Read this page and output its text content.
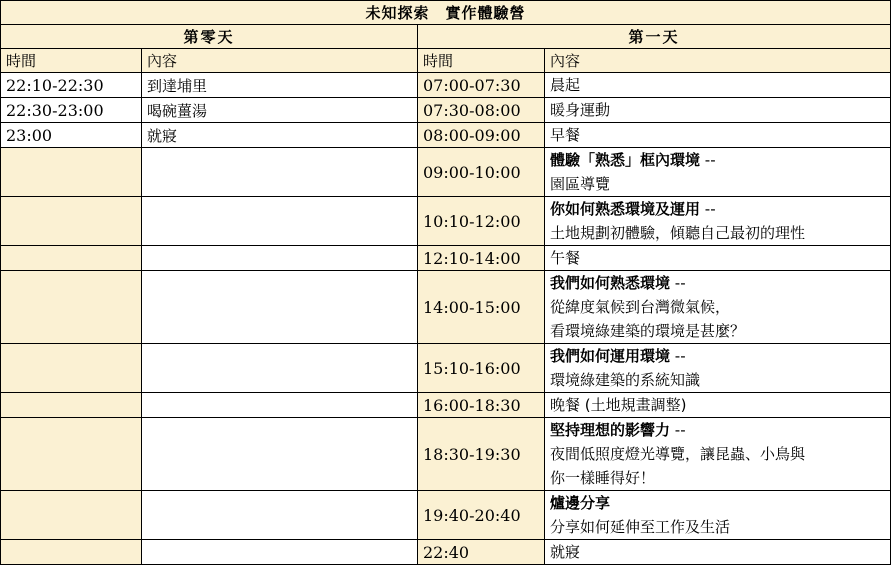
未知探索　實作體驗營			
第零天		第一天	
時間	內容	時間	內容
22:10-22:30	到達埔里	07:00-07:30	晨起

22:30-23:00	喝碗薑湯	07:30-08:00	暖身運動

23:00	就寢	08:00-09:00	早餐

		09:00-10:00	體驗「熟悉」框內環境 --
園區導覽

		10:10-12:00	你如何熟悉環境及運用 --
土地規劃初體驗，傾聽自己最初的理性

		12:10-14:00	午餐

		14:00-15:00	我們如何熟悉環境 --
從緯度氣候到台灣微氣候，
看環境綠建築的環境是甚麼？

		15:10-16:00	我們如何運用環境 --
環境綠建築的系統知識

		16:00-18:30	晚餐 (土地規畫調整)

		18:30-19:30	堅持理想的影響力 --
夜間低照度燈光導覽，讓昆蟲、小鳥與
你一樣睡得好！

		19:40-20:40	爐邊分享
分享如何延伸至工作及生活

		22:40	就寢
